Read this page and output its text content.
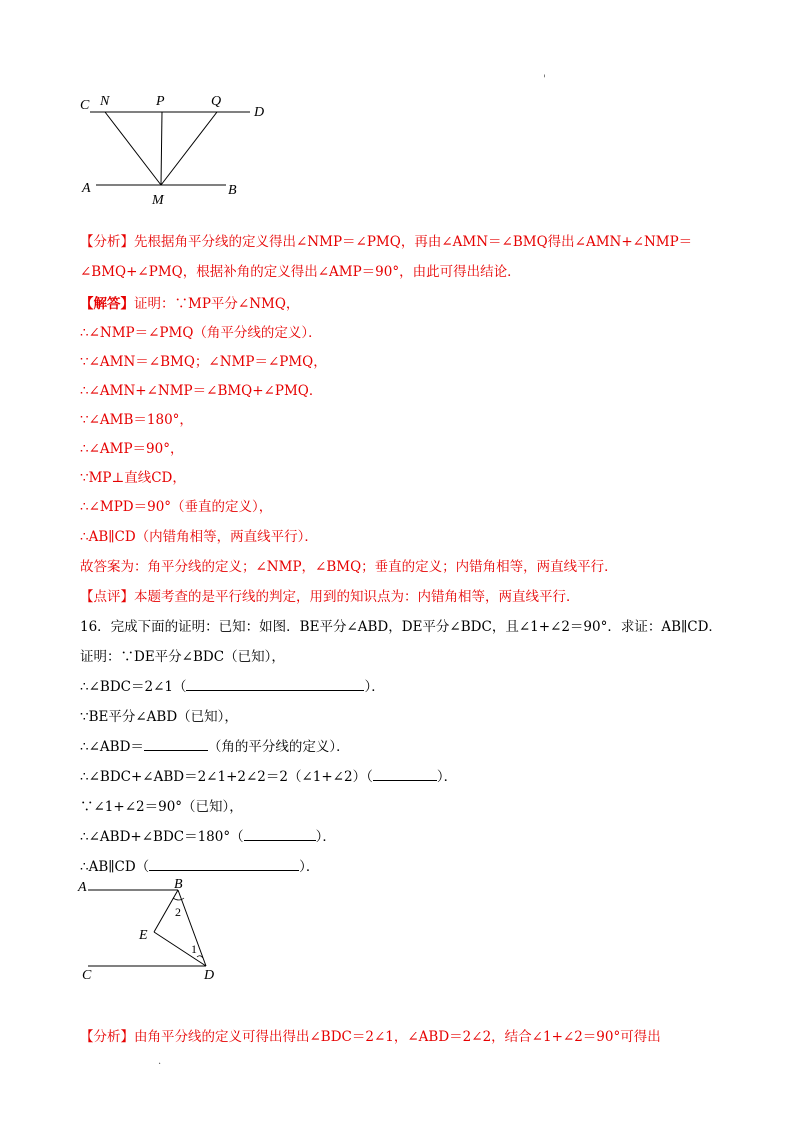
'
C N	P	Q
D
A
M
B
【分析】先根据角平分线的定义得出∠NMP＝∠PMQ，再由∠AMN＝∠BMQ得出∠AMN+∠NMP＝
∠BMQ+∠PMQ，根据补角的定义得出∠AMP＝90°，由此可得出结论．
【解答】证明：∵MP平分∠NMQ，
∴∠NMP＝∠PMQ（角平分线的定义）．
∵∠AMN＝∠BMQ；∠NMP＝∠PMQ，
∴∠AMN+∠NMP＝∠BMQ+∠PMQ．
∵∠AMB＝180°，
∴∠AMP＝90°，
∵MP⊥直线CD，
∴∠MPD＝90°（垂直的定义），
∴AB∥CD（内错角相等，两直线平行）．
故答案为：角平分线的定义；∠NMP，∠BMQ；垂直的定义；内错角相等，两直线平行．
【点评】本题考查的是平行线的判定，用到的知识点为：内错角相等，两直线平行．
16．完成下面的证明：已知：如图．BE平分∠ABD，DE平分∠BDC，且∠1+∠2＝90°．求证：AB∥CD．
证明：∵DE平分∠BDC（已知），
∴∠BDC＝2∠1（	）．
∵BE平分∠ABD（已知），
∴∠ABD＝	（角的平分线的定义）．
∴∠BDC+∠ABD＝2∠1+2∠2＝2（∠1+∠2）（	）．
∵∠1+∠2＝90°（已知），
∴∠ABD+∠BDC＝180°（	）．
∴AB∥CD（	）．
A	B
E
C	D
2
1
【分析】由角平分线的定义可得出得出∠BDC＝2∠1，∠ABD＝2∠2，结合∠1+∠2＝90°可得出
.
